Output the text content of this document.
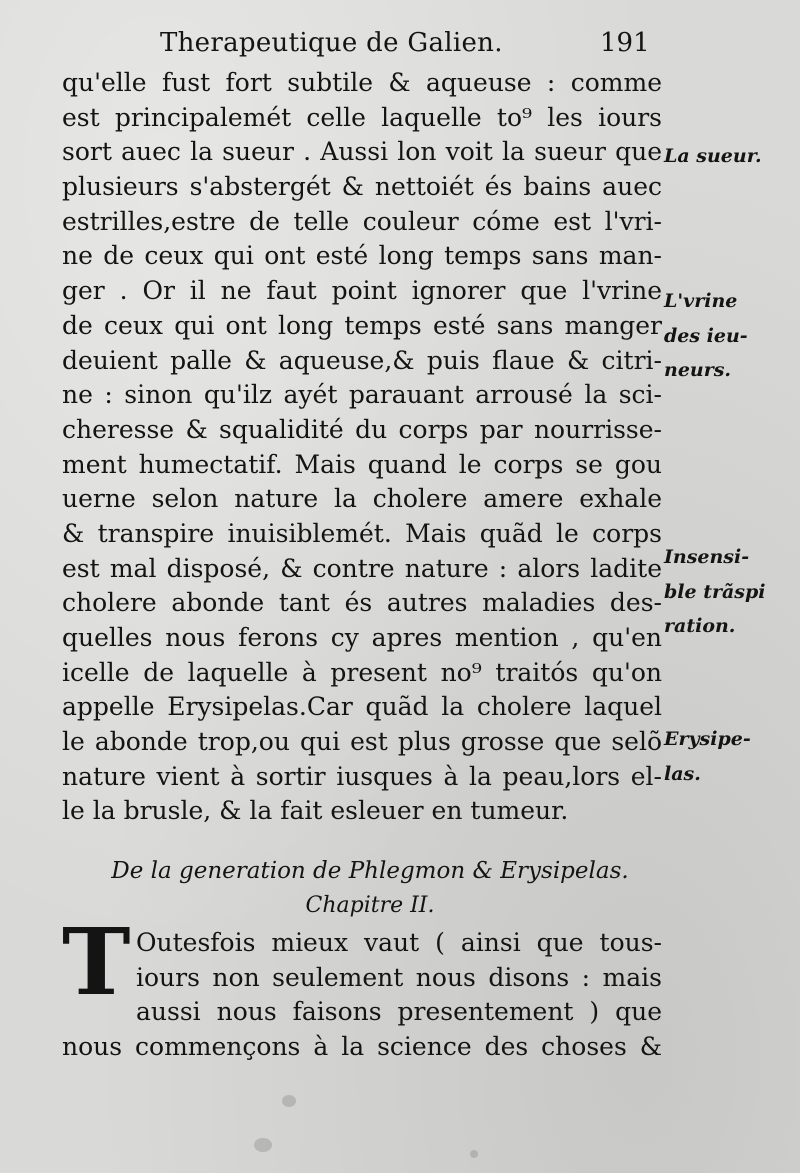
Therapeutique de Galien.	191
qu'elle fust fort subtile & aqueuse : comme
est principalemét celle laquelle to⁹ les iours
sort auec la sueur . Aussi lon voit la sueur que
plusieurs s'abstergét & nettoiét és bains auec
estrilles,estre de telle couleur cóme est l'vri-
ne de ceux qui ont esté long temps sans man-
ger . Or il ne faut point ignorer que l'vrine
de ceux qui ont long temps esté sans manger
deuient palle & aqueuse,& puis flaue & citri-
ne : sinon qu'ilz ayét parauant arrousé la sci-
cheresse & squalidité du corps par nourrisse-
ment humectatif. Mais quand le corps se gou
uerne selon nature la cholere amere exhale
& transpire inuisiblemét. Mais quãd le corps
est mal disposé, & contre nature : alors ladite
cholere abonde tant és autres maladies des-
quelles nous ferons cy apres mention , qu'en
icelle de laquelle à present no⁹ traitós qu'on
appelle Erysipelas.Car quãd la cholere laquel
le abonde trop,ou qui est plus grosse que selõ
nature vient à sortir iusques à la peau,lors el-
le la brusle, & la fait esleuer en tumeur.
La sueur.
L'vrine
des ieu-
neurs.
Insensi-
ble trãspi
ration.
Erysipe-
las.
De la generation de Phlegmon & Erysipelas.
Chapitre II.
T Outesfois mieux vaut ( ainsi que tous-
iours non seulement nous disons : mais
aussi nous faisons presentement ) que
nous commençons à la science des choses &
